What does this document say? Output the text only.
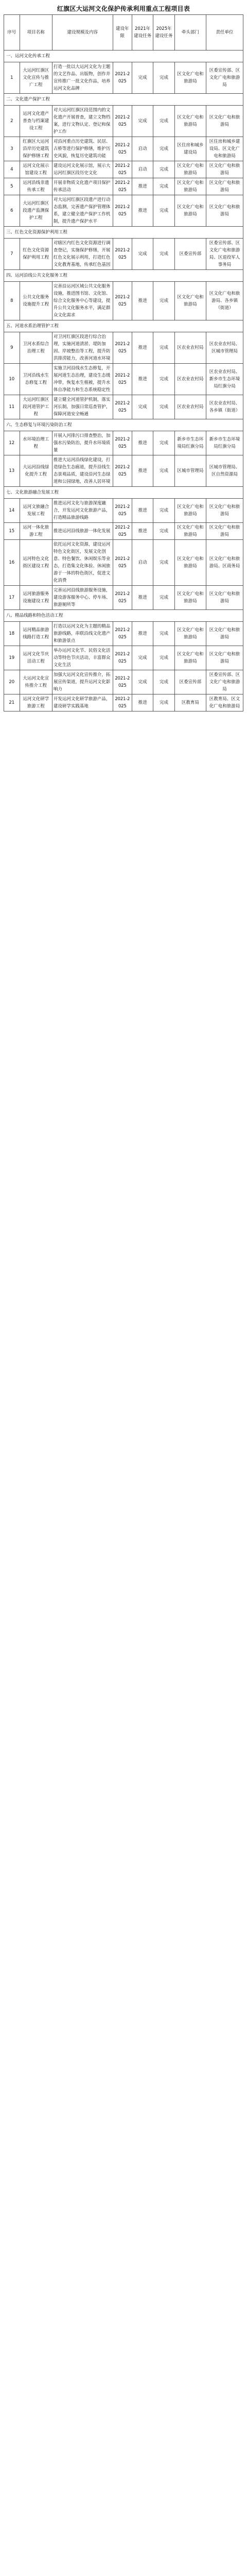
红旗区大运河文化保护传承利用重点工程项目表
序号	项目名称	建设规模及内容	建设年限	2021年建设任务	2025年建设任务	牵头部门	责任单位
一、运河文化传承工程							
1	大运河红旗区文化宣传与推广工程	打造一批以大运河文化为主题的文艺作品、出版物，创作并宣传推广一批文化作品，培养运河文化品牌	2021-2025	完成	完成	区文化广电和旅游局	区委宣传部、区文化广电和旅游局
二、文化遗产保护工程							
2	运河文化遗产普查与档案建设工程	对大运河红旗区段范围内的文化遗产开展普查，建立文物档案，进行文物认定、登记和保护工作	2021-2025	完成	完成	区文化广电和旅游局	区文化广电和旅游局
3	红旗区大运河沿岸历史建筑保护修缮工程	对沿河重点历史建筑、民居、古桥等进行保护修缮，维护历史风貌，恢复历史建筑功能	2021-2025	启动	完成	区住房和城乡建设局	区住房和城乡建设局、区文化广电和旅游局
4	运河文化展示馆建设工程	建设运河文化展示馆，展示大运河红旗区段历史文化	2021-2025	启动	完成	区文化广电和旅游局	区文化广电和旅游局
5	运河沿线非遗传承工程	开展非物质文化遗产项目保护传承活动	2021-2025	推进	完成	区文化广电和旅游局	区文化广电和旅游局
6	大运河红旗区段遗产监测保护工程	对大运河红旗区段遗产进行动态监测，完善遗产保护管理体系，建立健全遗产保护工作机制，提升遗产保护水平	2021-2025	推进	完成	区文化广电和旅游局	区文化广电和旅游局
三、红色文化资源保护利用工程							
7	红色文化资源保护利用工程	对辖区内红色文化资源进行调查登记，实施保护修缮，开展红色文化展示利用，打造红色文化教育基地，传承红色基因	2021-2025	完成	完成	区委宣传部	区委宣传部、区文化广电和旅游局、区退役军人事务局
四、运河沿线公共文化服务工程							
8	公共文化服务设施提升工程	完善沿运河区域公共文化服务设施，推进图书馆、文化馆、综合文化服务中心等建设，提升公共文化服务水平，满足群众文化需求	2021-2025	推进	完成	区文化广电和旅游局	区文化广电和旅游局、各乡镇（街道）
五、河道水系治理管护工程							
9	卫河水系综合治理工程	对卫河红旗区段进行综合治理，实施河道清淤、堤防加固、岸坡整治等工程，提升防洪排涝能力，改善河道水环境	2021-2025	推进	完成	区农业农村局	区农业农村局、区城市管理局
10	卫河沿线水生态修复工程	实施卫河沿线水生态修复，开展河道生态治理，建设生态缓冲带，恢复水生植被，提升水体自净能力和生态系统稳定性	2021-2025	推进	完成	区农业农村局	区农业农村局、新乡市生态环境局红旗分局
11	大运河红旗区段河道管护工程	建立健全河道管护机制，落实河长制，加强日常巡查管护，保障河道安全畅通	2021-2025	完成	完成	区农业农村局	区农业农村局、各乡镇（街道）
六、生态修复与环境污染防治工程							
12	水环境治理工程	开展入河排污口排查整治，加强水污染防治，提升水环境质量	2021-2025	推进	完成	新乡市生态环境局红旗分局	新乡市生态环境局红旗分局
13	大运河沿线绿化提升工程	推进大运河沿线绿化建设，打造绿色生态廊道，提升沿线生态景观品质，建设沿河生态绿道和公园绿地，改善人居环境	2021-2025	推进	完成	区城市管理局	区城市管理局、区自然资源局
七、文化旅游融合发展工程							
14	运河文旅融合发展工程	推进运河文化与旅游深度融合，开发运河文化旅游产品，打造精品旅游线路	2021-2025	推进	完成	区文化广电和旅游局	区文化广电和旅游局
15	运河一体化旅游工程	推进运河沿线旅游一体化发展	2021-2025	推进	完成	区文化广电和旅游局	区文化广电和旅游局
16	运河特色文化街区建设工程	依托运河文化资源，建设运河特色文化街区，发展文化创意、特色餐饮、休闲娱乐等业态，打造集文化体验、休闲旅游于一体的特色街区，促进文化消费	2021-2025	启动	完成	区文化广电和旅游局	区文化广电和旅游局、区商务局
17	运河旅游服务设施建设工程	完善运河沿线旅游服务设施，建设游客服务中心、停车场、旅游厕所等	2021-2025	推进	完成	区文化广电和旅游局	区文化广电和旅游局
八、精品线路和特色活动工程							
18	运河精品旅游线路打造工程	打造以运河文化为主题的精品旅游线路，串联沿线文化遗产和旅游景点	2021-2025	推进	完成	区文化广电和旅游局	区文化广电和旅游局
19	运河文化节庆活动工程	举办运河文化节、民俗文化活动等特色节庆活动，丰富群众文化生活	2021-2025	完成	完成	区文化广电和旅游局	区文化广电和旅游局
20	大运河文化宣传推介工程	加强大运河文化宣传推介，拓展宣传渠道，提升运河文化影响力	2021-2025	完成	完成	区委宣传部	区委宣传部、区文化广电和旅游局
21	运河文化研学旅游工程	开发运河文化研学旅游产品，建设研学实践基地	2021-2025	推进	完成	区教育局	区教育局、区文化广电和旅游局
